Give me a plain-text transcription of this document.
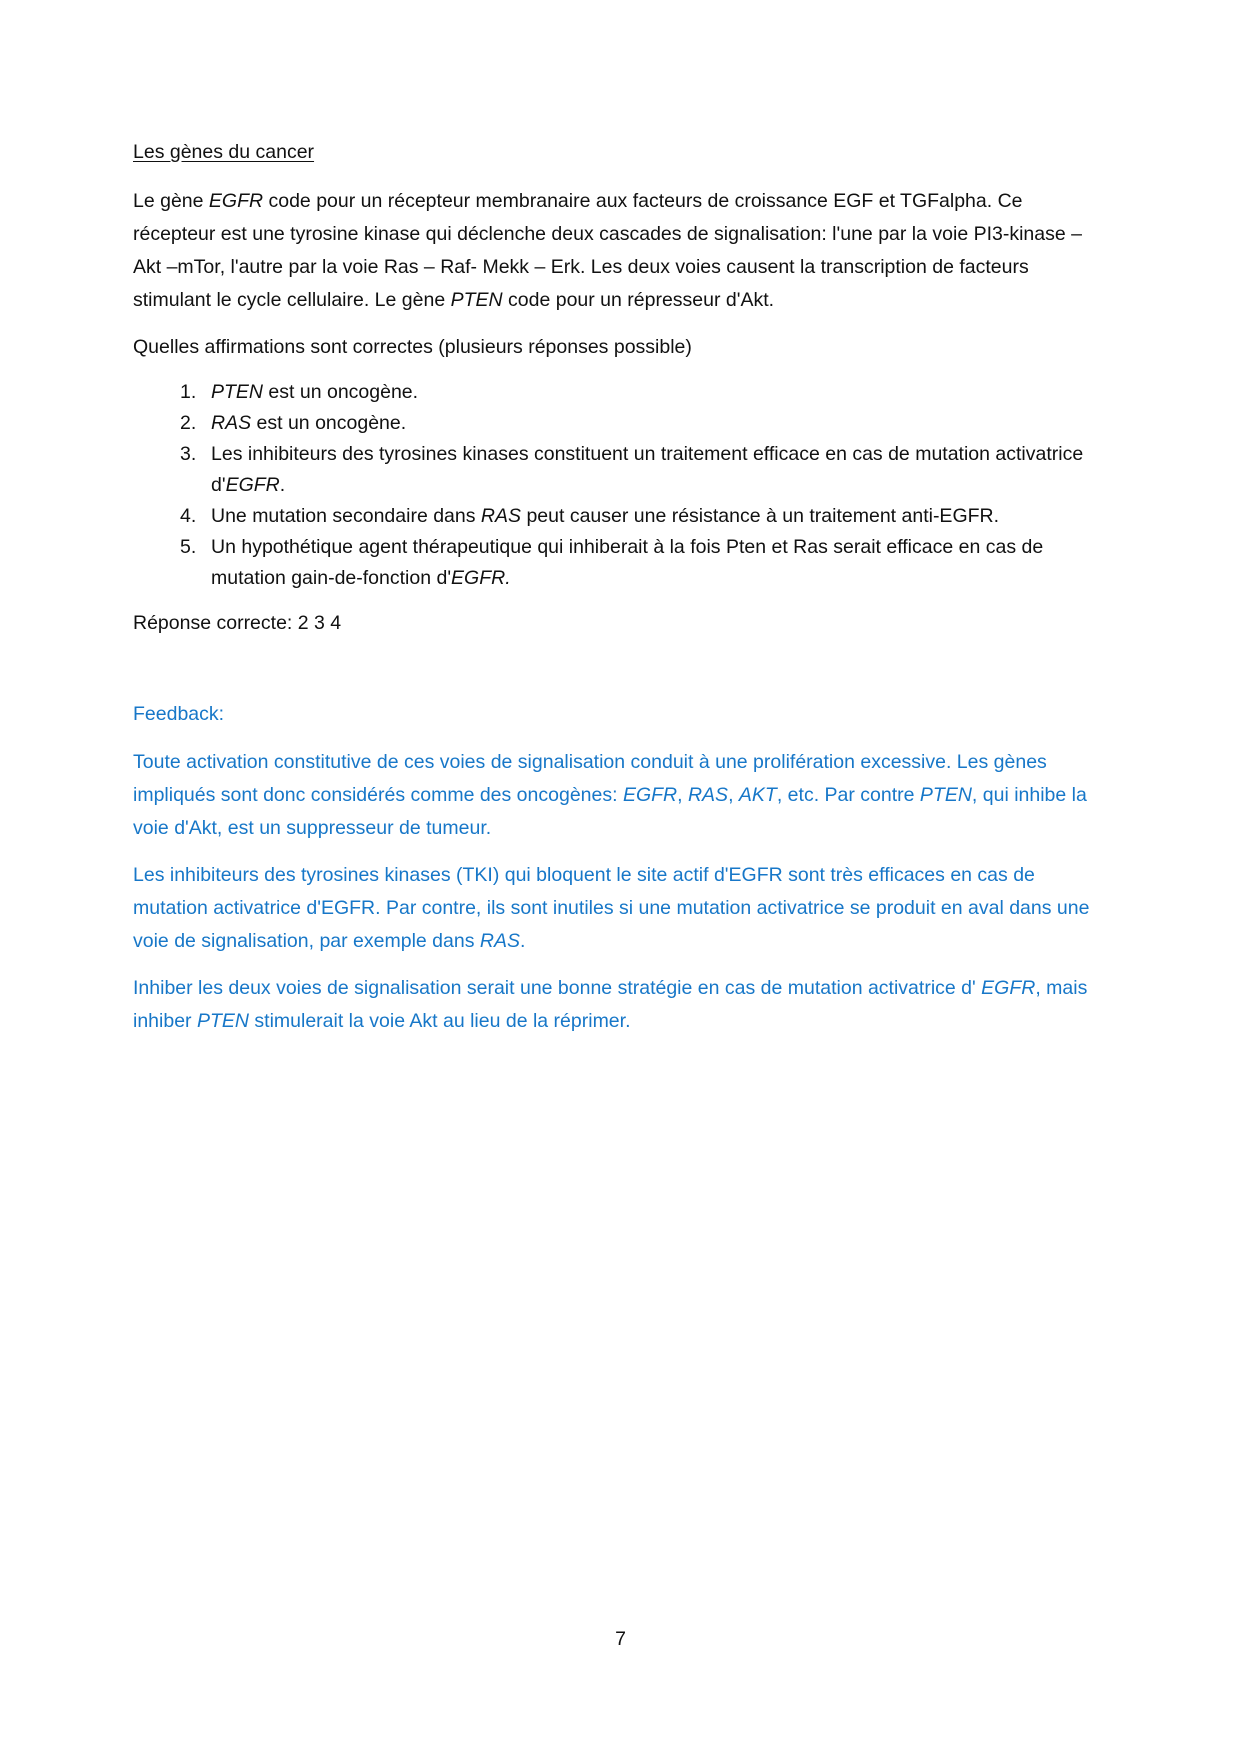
Les gènes du cancer

Le gène EGFR code pour un récepteur membranaire aux facteurs de croissance EGF et TGFalpha. Ce récepteur est une tyrosine kinase qui déclenche deux cascades de signalisation: l'une par la voie PI3-kinase – Akt –mTor, l'autre par la voie Ras – Raf- Mekk – Erk. Les deux voies causent la transcription de facteurs stimulant le cycle cellulaire. Le gène PTEN code pour un répresseur d'Akt.

Quelles affirmations sont correctes (plusieurs réponses possible)

1. PTEN est un oncogène.
2. RAS est un oncogène.
3. Les inhibiteurs des tyrosines kinases constituent un traitement efficace en cas de mutation activatrice d'EGFR.
4. Une mutation secondaire dans RAS peut causer une résistance à un traitement anti-EGFR.
5. Un hypothétique agent thérapeutique qui inhiberait à la fois Pten et Ras serait efficace en cas de mutation gain-de-fonction d'EGFR.

Réponse correcte: 2 3 4

Feedback:

Toute activation constitutive de ces voies de signalisation conduit à une prolifération excessive. Les gènes impliqués sont donc considérés comme des oncogènes: EGFR, RAS, AKT, etc. Par contre PTEN, qui inhibe la voie d'Akt, est un suppresseur de tumeur.

Les inhibiteurs des tyrosines kinases (TKI) qui bloquent le site actif d'EGFR sont très efficaces en cas de mutation activatrice d'EGFR. Par contre, ils sont inutiles si une mutation activatrice se produit en aval dans une voie de signalisation, par exemple dans RAS.

Inhiber les deux voies de signalisation serait une bonne stratégie en cas de mutation activatrice d' EGFR, mais inhiber PTEN stimulerait la voie Akt au lieu de la réprimer.

7
